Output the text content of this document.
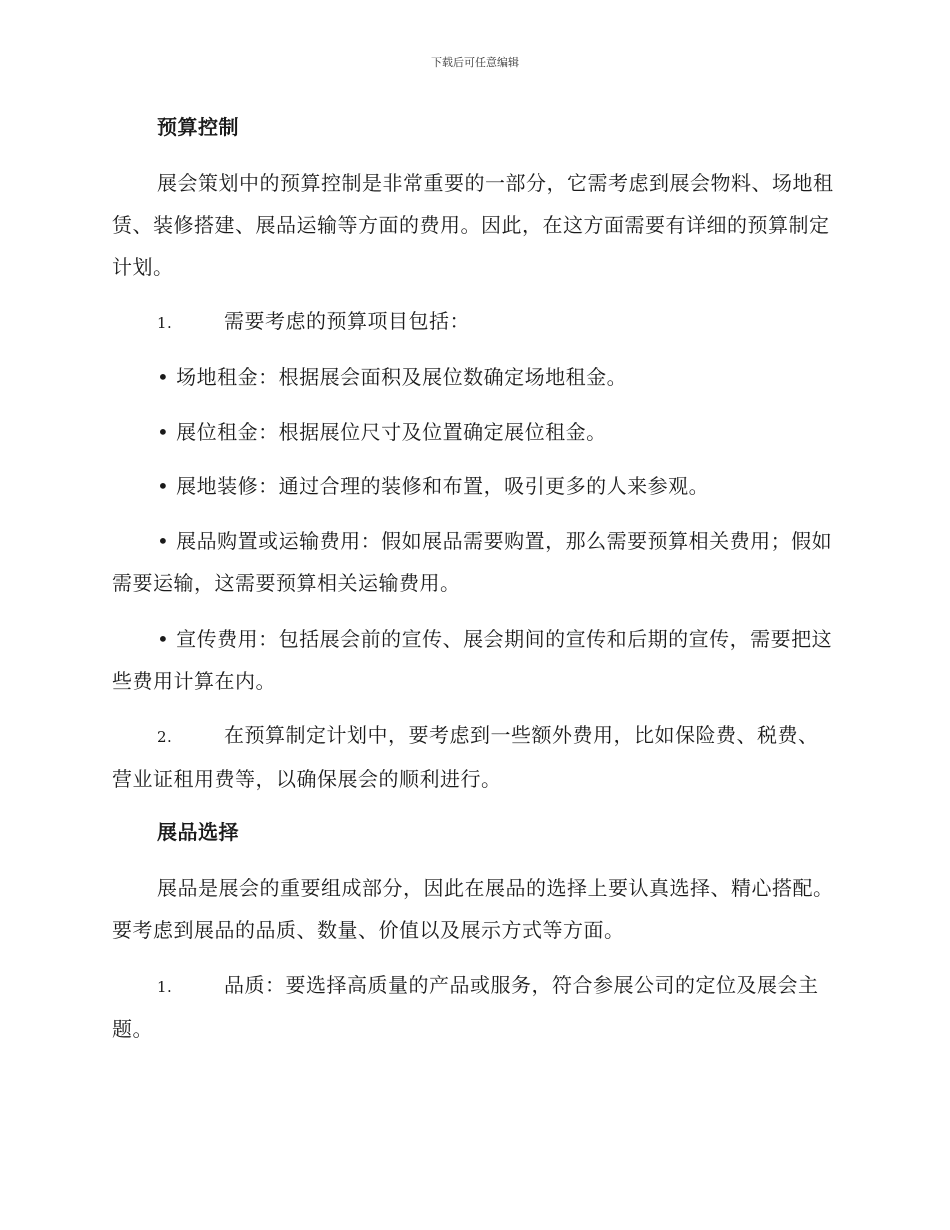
下载后可任意编辑
预算控制
展会策划中的预算控制是非常重要的一部分，它需考虑到展会物料、场地租赁、装修搭建、展品运输等方面的费用。因此，在这方面需要有详细的预算制定计划。
1.	需要考虑的预算项目包括：
• 场地租金：根据展会面积及展位数确定场地租金。
• 展位租金：根据展位尺寸及位置确定展位租金。
• 展地装修：通过合理的装修和布置，吸引更多的人来参观。
• 展品购置或运输费用：假如展品需要购置，那么需要预算相关费用；假如需要运输，这需要预算相关运输费用。
• 宣传费用：包括展会前的宣传、展会期间的宣传和后期的宣传，需要把这些费用计算在内。
2.	在预算制定计划中，要考虑到一些额外费用，比如保险费、税费、营业证租用费等，以确保展会的顺利进行。
展品选择
展品是展会的重要组成部分，因此在展品的选择上要认真选择、精心搭配。要考虑到展品的品质、数量、价值以及展示方式等方面。
1.	品质：要选择高质量的产品或服务，符合参展公司的定位及展会主题。
